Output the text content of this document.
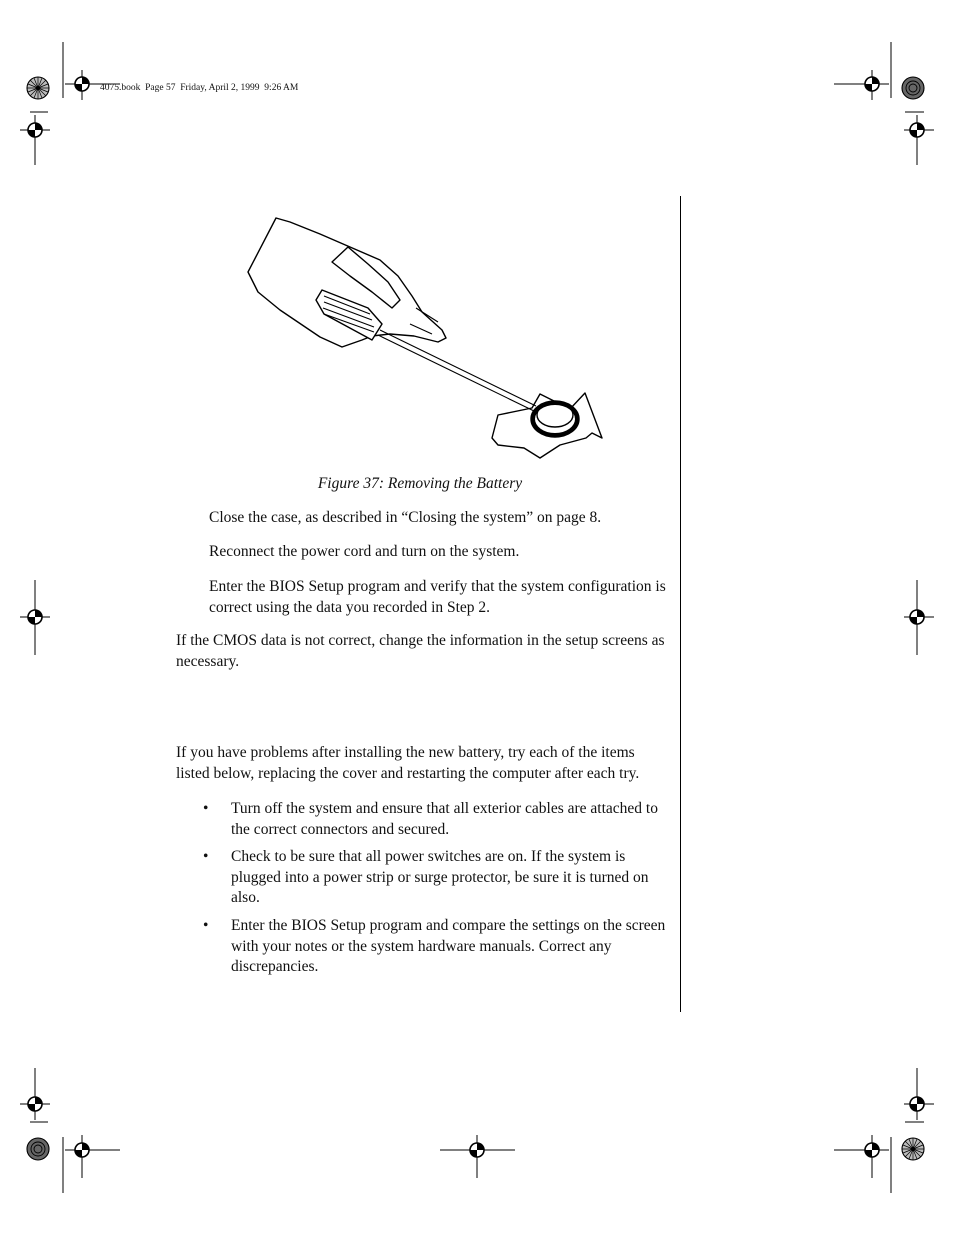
4075.book  Page 57  Friday, April 2, 1999  9:26 AM
Figure 37: Removing the Battery
Close the case, as described in “Closing the system” on page 8.
Reconnect the power cord and turn on the system.
Enter the BIOS Setup program and verify that the system configuration is correct using the data you recorded in Step 2.
If the CMOS data is not correct, change the information in the setup screens as necessary.
If you have problems after installing the new battery, try each of the items listed below, replacing the cover and restarting the computer after each try.
• Turn off the system and ensure that all exterior cables are attached to the correct connectors and secured.
• Check to be sure that all power switches are on. If the system is plugged into a power strip or surge protector, be sure it is turned on also.
• Enter the BIOS Setup program and compare the settings on the screen with your notes or the system hardware manuals. Correct any discrepancies.
